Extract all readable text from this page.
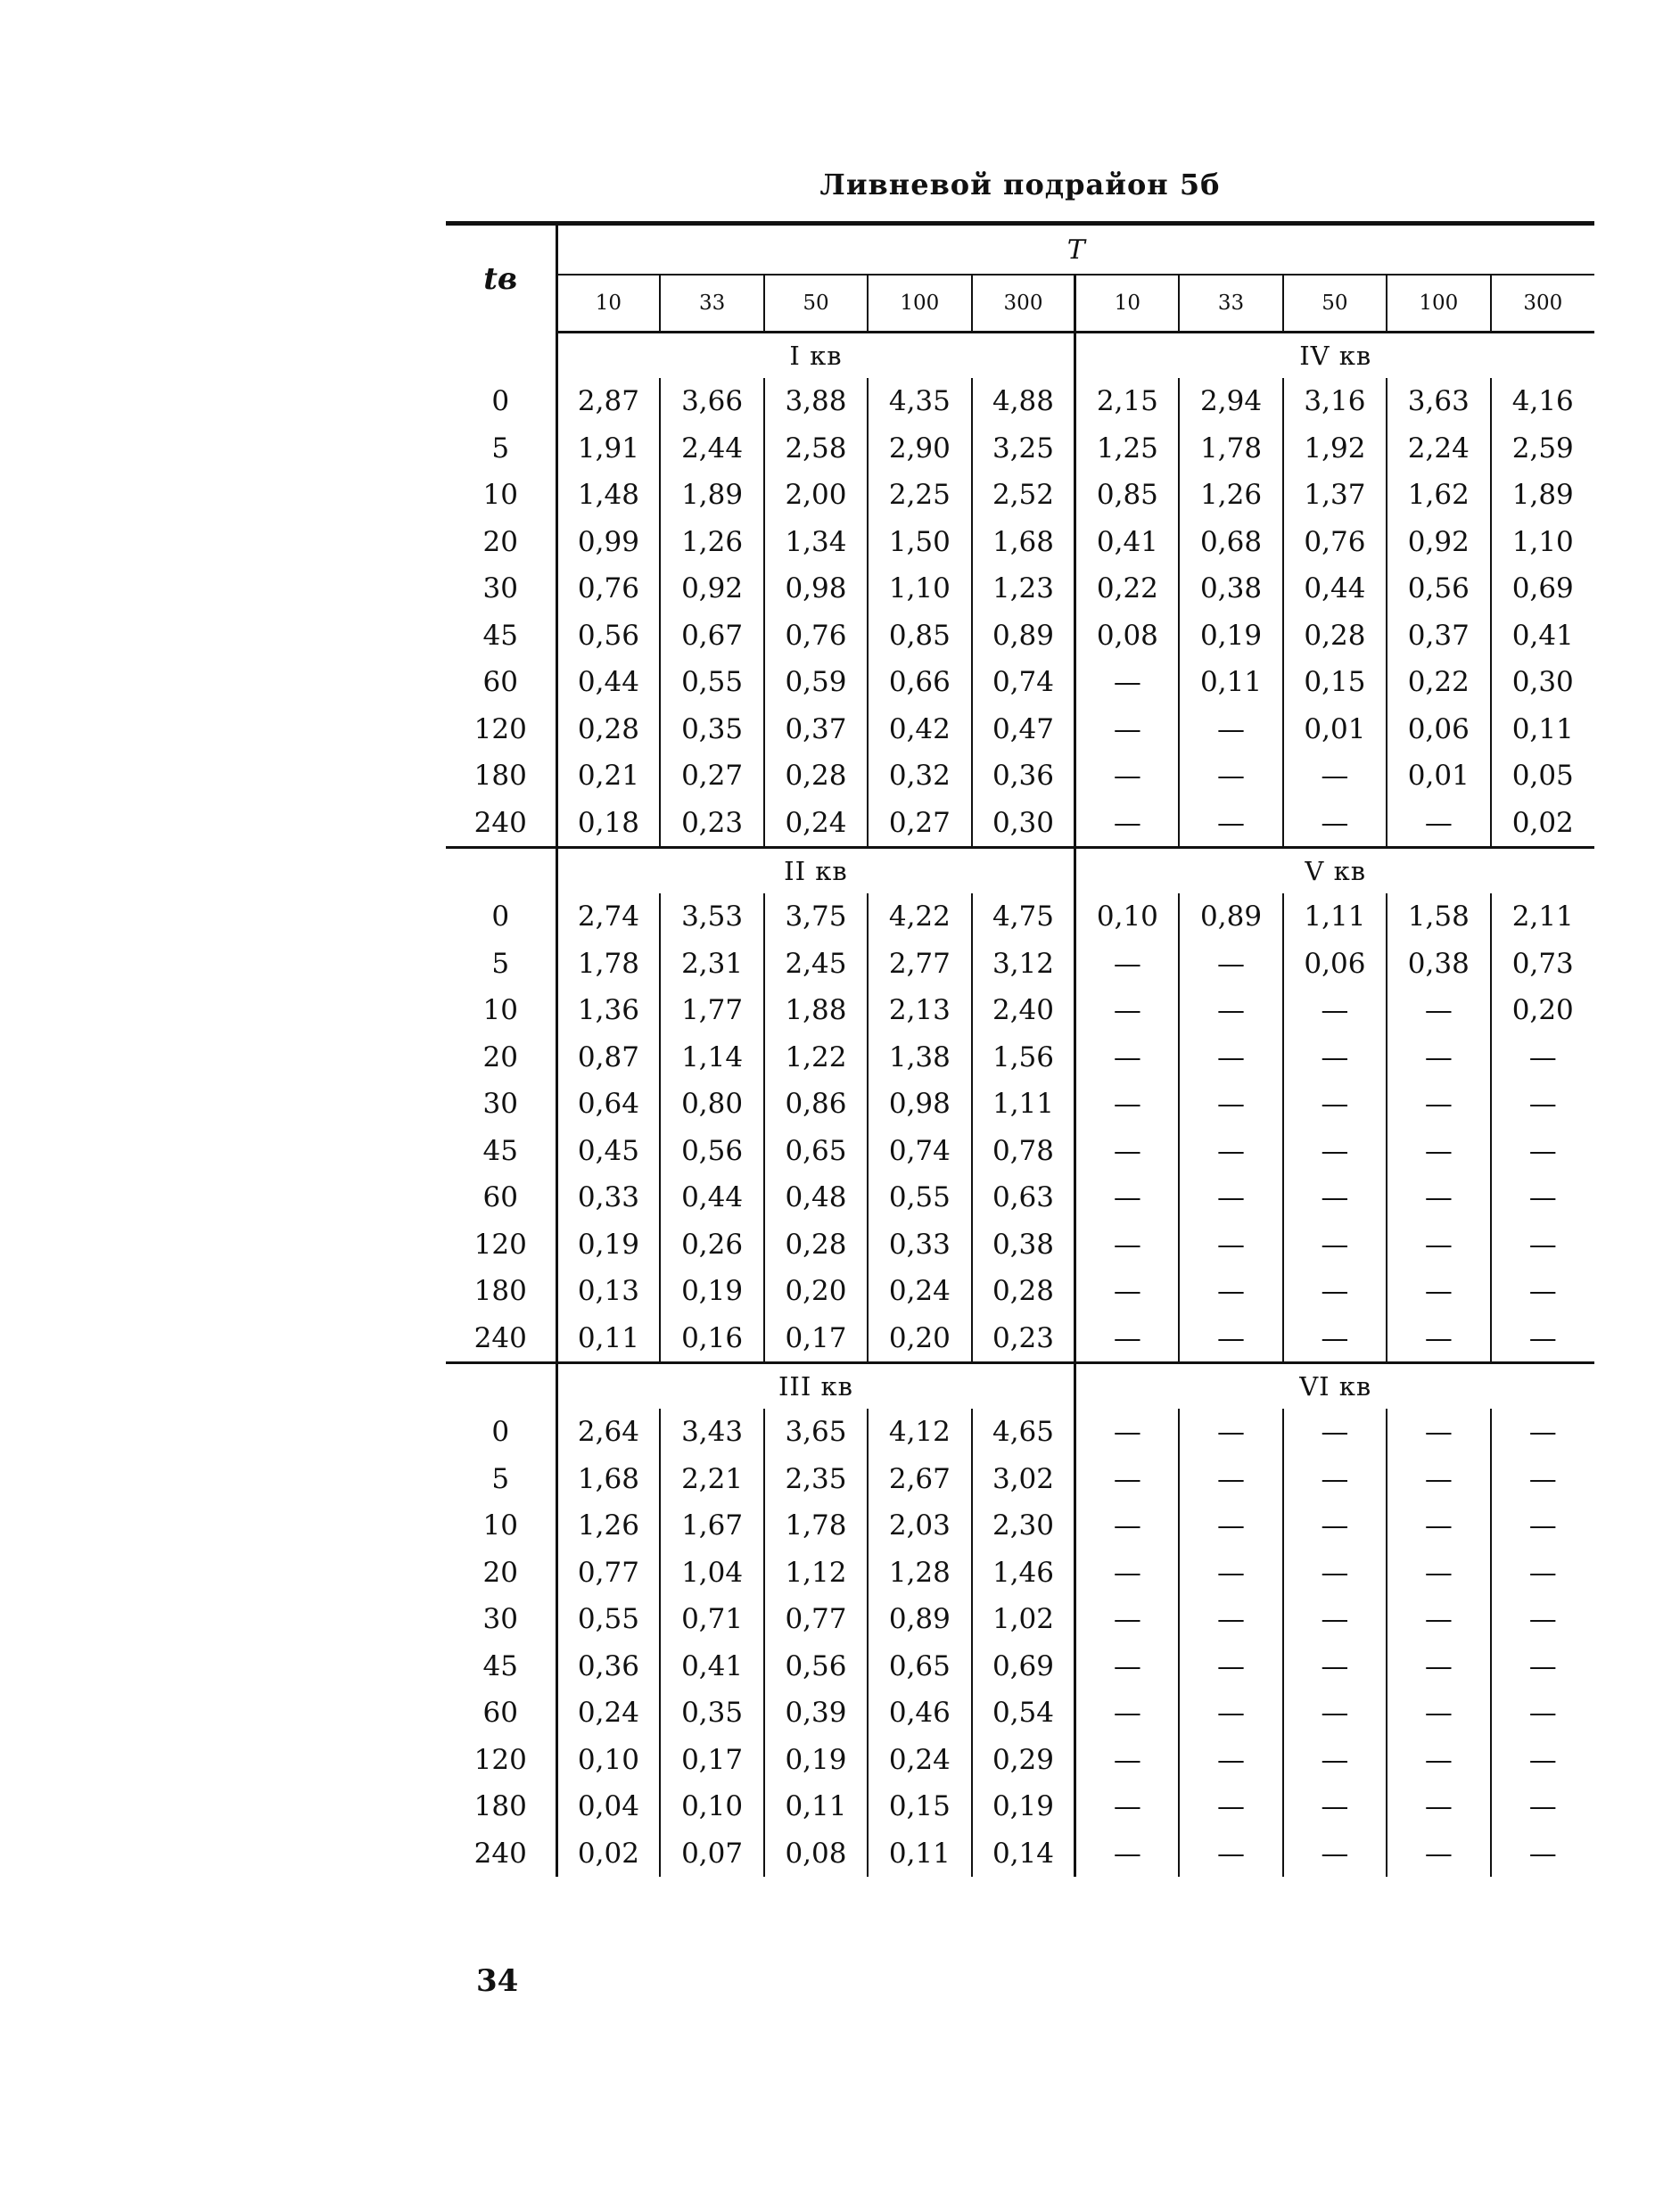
Ливневой подрайон 5б
tв	T									
	10	33	50	100	300	10	33	50	100	300
	I кв					IV кв				
0	2,87	3,66	3,88	4,35	4,88	2,15	2,94	3,16	3,63	4,16
5	1,91	2,44	2,58	2,90	3,25	1,25	1,78	1,92	2,24	2,59
10	1,48	1,89	2,00	2,25	2,52	0,85	1,26	1,37	1,62	1,89
20	0,99	1,26	1,34	1,50	1,68	0,41	0,68	0,76	0,92	1,10
30	0,76	0,92	0,98	1,10	1,23	0,22	0,38	0,44	0,56	0,69
45	0,56	0,67	0,76	0,85	0,89	0,08	0,19	0,28	0,37	0,41
60	0,44	0,55	0,59	0,66	0,74	—	0,11	0,15	0,22	0,30
120	0,28	0,35	0,37	0,42	0,47	—	—	0,01	0,06	0,11
180	0,21	0,27	0,28	0,32	0,36	—	—	—	0,01	0,05
240	0,18	0,23	0,24	0,27	0,30	—	—	—	—	0,02
	II кв					V кв				
0	2,74	3,53	3,75	4,22	4,75	0,10	0,89	1,11	1,58	2,11
5	1,78	2,31	2,45	2,77	3,12	—	—	0,06	0,38	0,73
10	1,36	1,77	1,88	2,13	2,40	—	—	—	—	0,20
20	0,87	1,14	1,22	1,38	1,56	—	—	—	—	—
30	0,64	0,80	0,86	0,98	1,11	—	—	—	—	—
45	0,45	0,56	0,65	0,74	0,78	—	—	—	—	—
60	0,33	0,44	0,48	0,55	0,63	—	—	—	—	—
120	0,19	0,26	0,28	0,33	0,38	—	—	—	—	—
180	0,13	0,19	0,20	0,24	0,28	—	—	—	—	—
240	0,11	0,16	0,17	0,20	0,23	—	—	—	—	—
	III кв					VI кв				
0	2,64	3,43	3,65	4,12	4,65	—	—	—	—	—
5	1,68	2,21	2,35	2,67	3,02	—	—	—	—	—
10	1,26	1,67	1,78	2,03	2,30	—	—	—	—	—
20	0,77	1,04	1,12	1,28	1,46	—	—	—	—	—
30	0,55	0,71	0,77	0,89	1,02	—	—	—	—	—
45	0,36	0,41	0,56	0,65	0,69	—	—	—	—	—
60	0,24	0,35	0,39	0,46	0,54	—	—	—	—	—
120	0,10	0,17	0,19	0,24	0,29	—	—	—	—	—
180	0,04	0,10	0,11	0,15	0,19	—	—	—	—	—
240	0,02	0,07	0,08	0,11	0,14	—	—	—	—	—
34
